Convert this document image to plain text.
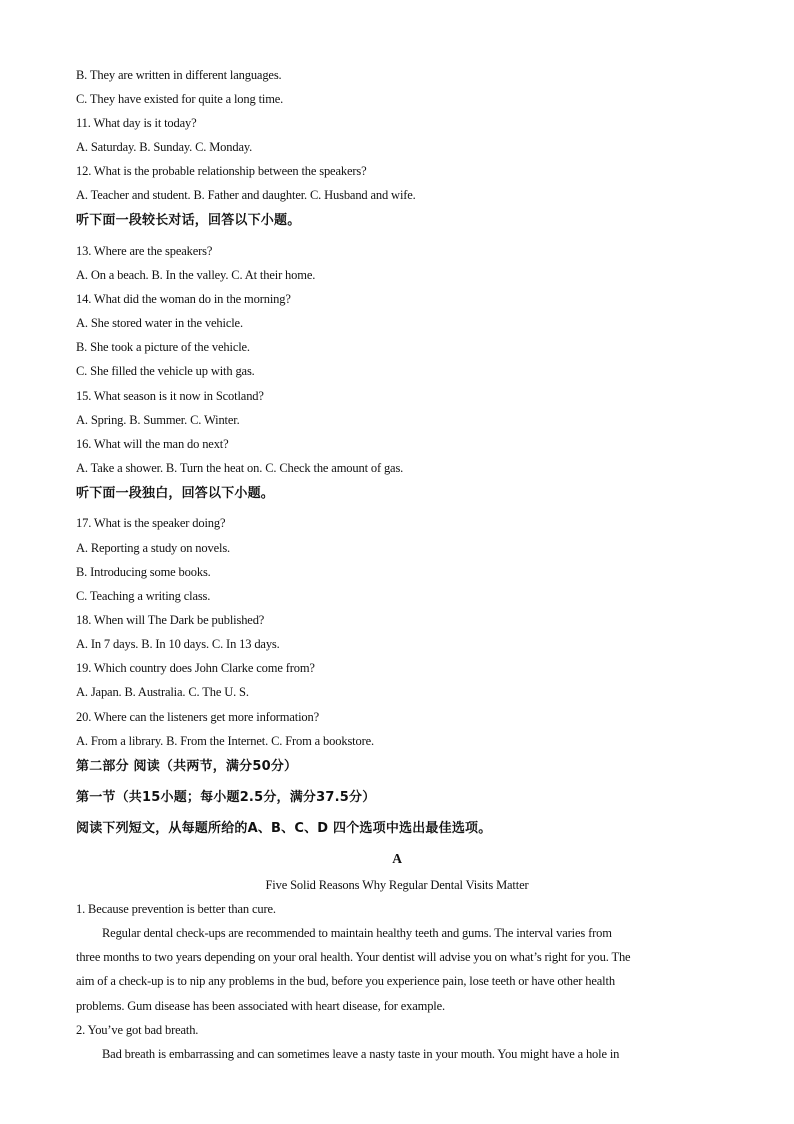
B. They are written in different languages.
C. They have existed for quite a long time.
11. What day is it today?
A. Saturday. B. Sunday. C. Monday.
12. What is the probable relationship between the speakers?
A. Teacher and student. B. Father and daughter. C. Husband and wife.
听下面一段较长对话，回答以下小题。
13. Where are the speakers?
A. On a beach. B. In the valley. C. At their home.
14. What did the woman do in the morning?
A. She stored water in the vehicle.
B. She took a picture of the vehicle.
C. She filled the vehicle up with gas.
15. What season is it now in Scotland?
A. Spring. B. Summer. C. Winter.
16. What will the man do next?
A. Take a shower. B. Turn the heat on. C. Check the amount of gas.
听下面一段独白，回答以下小题。
17. What is the speaker doing?
A. Reporting a study on novels.
B. Introducing some books.
C. Teaching a writing class.
18. When will The Dark be published?
A. In 7 days. B. In 10 days. C. In 13 days.
19. Which country does John Clarke come from?
A. Japan. B. Australia. C. The U. S.
20. Where can the listeners get more information?
A. From a library. B. From the Internet. C. From a bookstore.
第二部分 阅读（共两节，满分50分）
第一节（共15小题；每小题2.5分，满分37.5分）
阅读下列短文，从每题所给的A、B、C、D 四个选项中选出最佳选项。
A
Five Solid Reasons Why Regular Dental Visits Matter
1. Because prevention is better than cure.
Regular dental check-ups are recommended to maintain healthy teeth and gums. The interval varies from
three months to two years depending on your oral health. Your dentist will advise you on what’s right for you. The
aim of a check-up is to nip any problems in the bud, before you experience pain, lose teeth or have other health
problems. Gum disease has been associated with heart disease, for example.
2. You’ve got bad breath.
Bad breath is embarrassing and can sometimes leave a nasty taste in your mouth. You might have a hole in
